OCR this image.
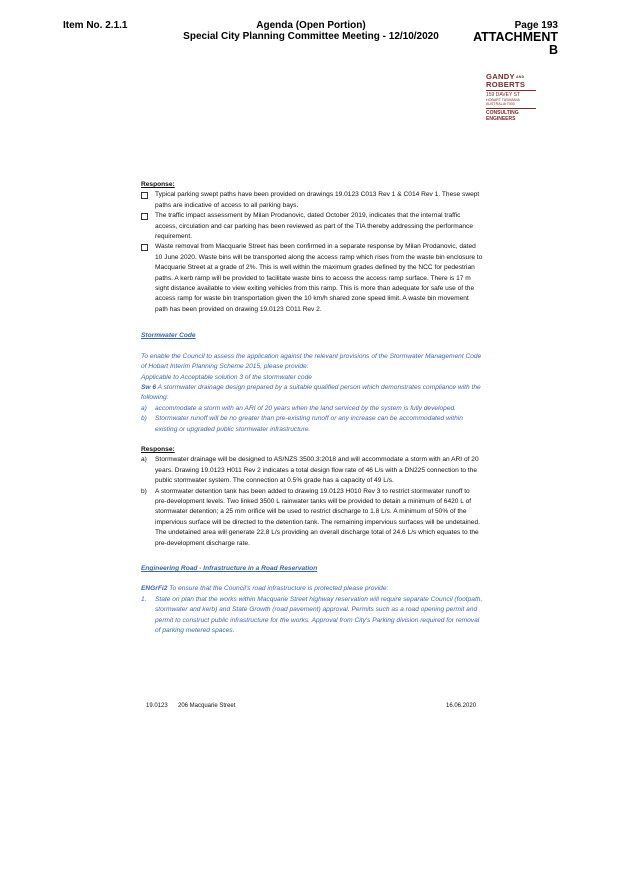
Item No. 2.1.1	Agenda (Open Portion)
Special City Planning Committee Meeting - 12/10/2020
Page 193
ATTACHMENT B
$GANDY^{AND}$
ROBERTS
159 DAVEY ST
HOBART TASMANIA
AUSTRALIA 7000
CONSULTING
ENGINEERS
Response:
Typical parking swept paths have been provided on drawings 19.0123 C013 Rev 1 & C014 Rev 1. These swept paths are indicative of access to all parking bays.
The traffic impact assessment by Milan Prodanovic, dated October 2019, indicates that the internal traffic access, circulation and car parking has been reviewed as part of the TIA thereby addressing the performance requirement.
Waste removal from Macquarie Street has been confirmed in a separate response by Milan Prodanovic, dated 10 June 2020. Waste bins will be transported along the access ramp which rises from the waste bin enclosure to Macquarie Street at a grade of 2%. This is well within the maximum grades defined by the NCC for pedestrian paths. A kerb ramp will be provided to facilitate waste bins to access the access ramp surface. There is 17 m sight distance available to view exiting vehicles from this ramp. This is more than adequate for safe use of the access ramp for waste bin transportation given the 10 km/h shared zone speed limit. A waste bin movement path has been provided on drawing 19.0123 C011 Rev 2.
Stormwater Code
To enable the Council to assess the application against the relevant provisions of the Stormwater Management Code of Hobart Interim Planning Scheme 2015, please provide:
Applicable to Acceptable solution 3 of the stormwater code
Sw 6 A stormwater drainage design prepared by a suitable qualified person which demonstrates compliance with the following:
a) accommodate a storm with an ARI of 20 years when the land serviced by the system is fully developed.
b) Stormwater runoff will be no greater than pre-existing runoff or any increase can be accommodated within existing or upgraded public stormwater infrastructure.
Response:
a) Stormwater drainage will be designed to AS/NZS 3500.3:2018 and will accommodate a storm with an ARI of 20 years. Drawing 19.0123 H011 Rev 2 indicates a total design flow rate of 46 L/s with a DN225 connection to the public stormwater system. The connection at 0.5% grade has a capacity of 49 L/s.
b) A stormwater detention tank has been added to drawing 19.0123 H010 Rev 3 to restrict stormwater runoff to pre-development levels. Two linked 3500 L rainwater tanks will be provided to detain a minimum of 6420 L of stormwater detention; a 25 mm orifice will be used to restrict discharge to 1.8 L/s. A minimum of 50% of the impervious surface will be directed to the detention tank. The remaining impervious surfaces will be undetained. The undetained area will generate 22.8 L/s providing an overall discharge total of 24.6 L/s which equates to the pre-development discharge rate.
Engineering Road - Infrastructure in a Road Reservation
ENGrFi2 To ensure that the Council's road infrastructure is protected please provide:
1. State on plan that the works within Macquarie Street highway reservation will require separate Council (footpath, stormwater and kerb) and State Growth (road pavement) approval. Permits such as a road opening permit and permit to construct public infrastructure for the works. Approval from City's Parking division required for removal of parking metered spaces.
19.0123 206 Macquarie Street	16.06.2020
